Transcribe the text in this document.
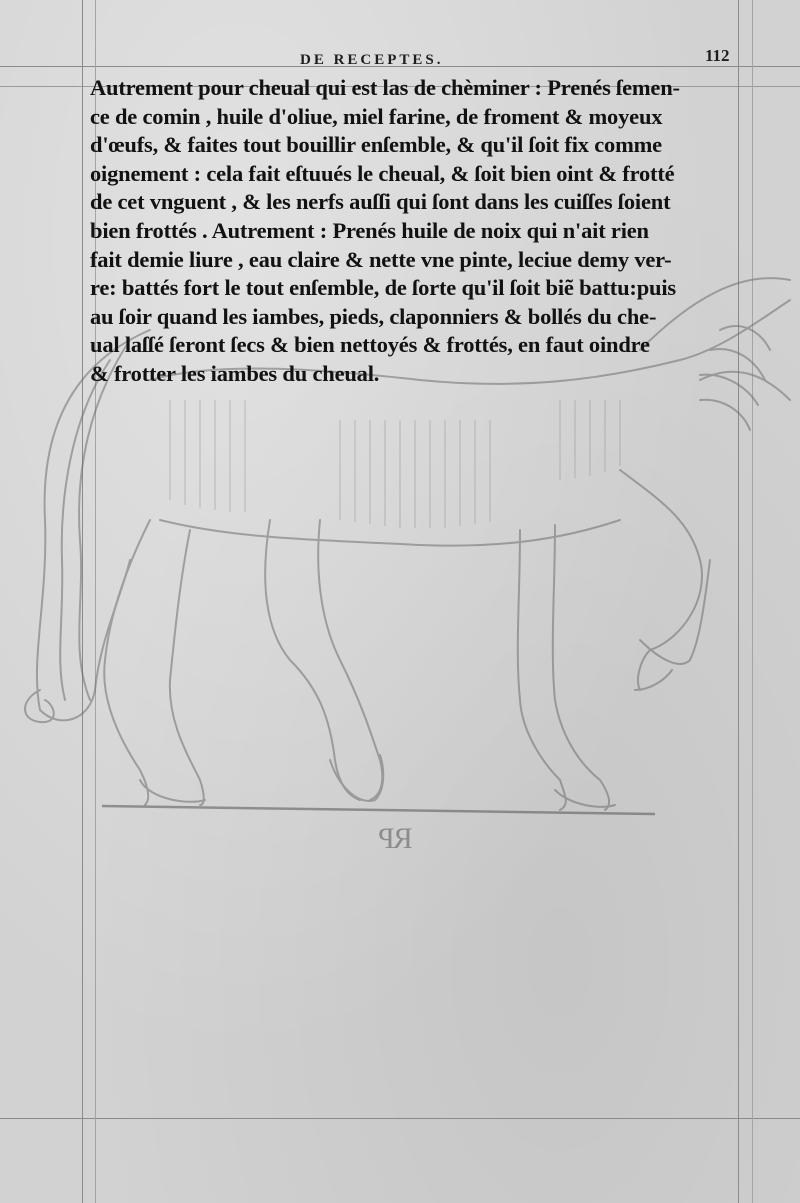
DE RECEPTES.	112
RP
Autrement pour cheual qui est las de chèminer : Prenés ſemen-
ce de comin , huile d'oliue, miel farine, de froment & moyeux
d'œufs, & faites tout bouillir enſemble, & qu'il ſoit fix comme
oignement : cela fait eſtuués le cheual, & ſoit bien oint & frotté
de cet vnguent , & les nerfs auſſi qui ſont dans les cuiſſes ſoient
bien frottés . Autrement : Prenés huile de noix qui n'ait rien
fait demie liure , eau claire & nette vne pinte, leciue demy ver-
re: battés fort le tout enſemble, de ſorte qu'il ſoit biẽ battu:puis
au ſoir quand les iambes, pieds, claponniers & bollés du che-
ual laſſé ſeront ſecs & bien nettoyés & frottés, en faut oindre
& frotter les iambes du cheual.
